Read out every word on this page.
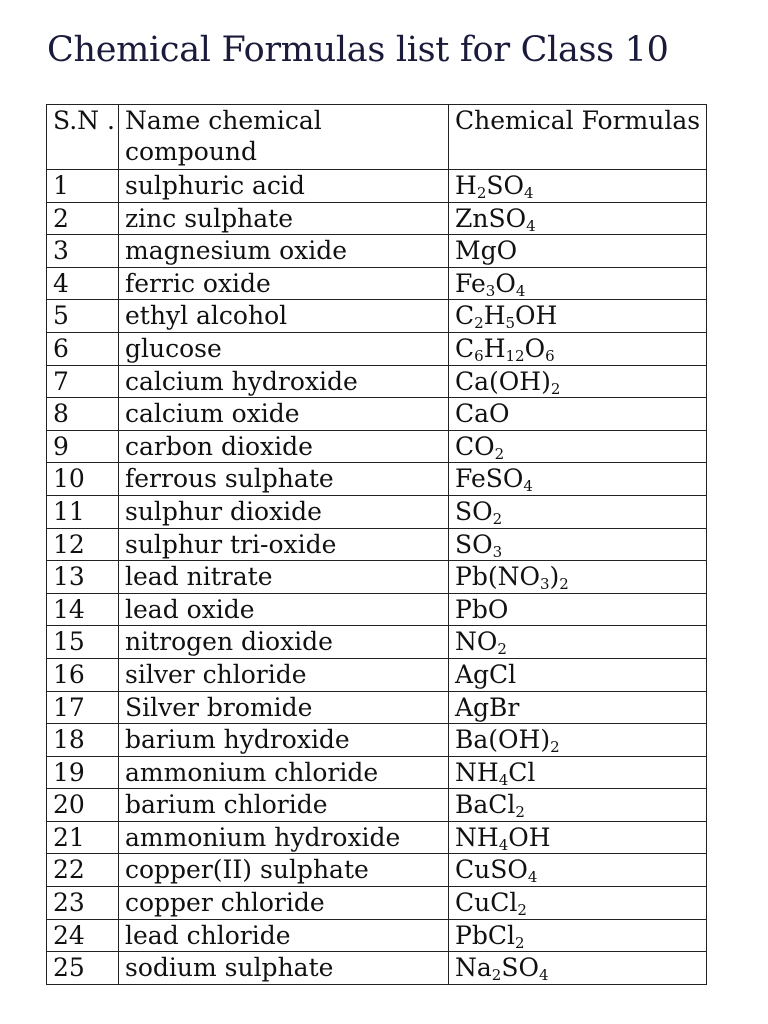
Chemical Formulas list for Class 10
S.N .	Name chemical compound	Chemical Formulas
1	sulphuric acid	$H_2SO_4$
2	zinc sulphate	ZnSO$_4$
3	magnesium oxide	MgO
4	ferric oxide	$Fe_3O_4$
5	ethyl alcohol	$C_2H_5OH$
6	glucose	$C_6H_{12}O_6$
7	calcium hydroxide	$Ca(OH)_2$
8	calcium oxide	CaO
9	carbon dioxide	$CO_2$
10	ferrous sulphate	FeSO$_4$
11	sulphur dioxide	$SO_2$
12	sulphur tri-oxide	$SO_3$
13	lead nitrate	$Pb(NO_3)_2$
14	lead oxide	PbO
15	nitrogen dioxide	$NO_2$
16	silver chloride	AgCl
17	Silver bromide	AgBr
18	barium hydroxide	$Ba(OH)_2$
19	ammonium chloride	$NH_4Cl$
20	barium chloride	BaCl$_2$
21	ammonium hydroxide	$NH_4OH$
22	copper(II) sulphate	CuSO$_4$
23	copper chloride	CuCl$_2$
24	lead chloride	PbCl$_2$
25	sodium sulphate	$Na_2SO_4$
